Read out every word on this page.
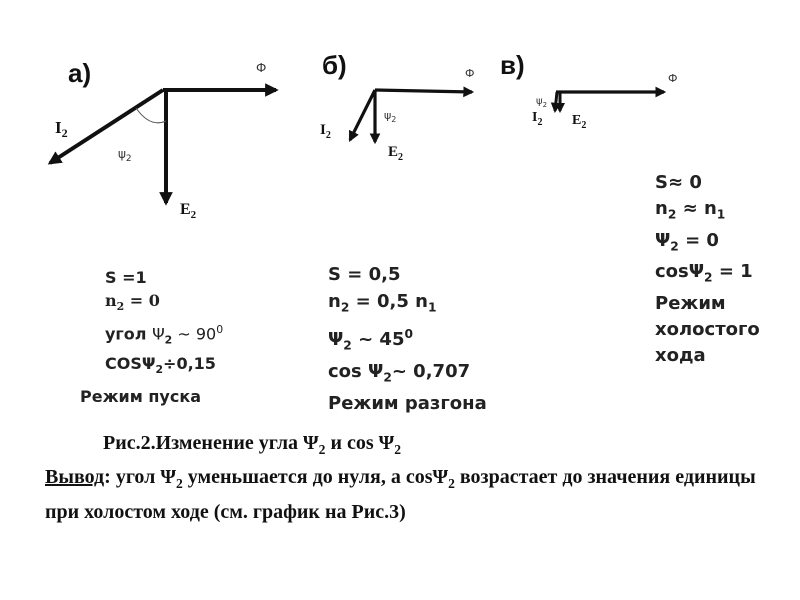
Ф
$I_2$
$E_2$
$\psi_2$
Ф
$I_2$
$E_2$
$\psi_2$
Ф
$I_2$ $E_2$
$\psi_2$
а)	б)	в)
S =1
$n_2 = 0$
угол $\Psi_2$ ~ $90^0$
$COS\Psi_2\div 0,15$
Режим пуска
S = 0,5
$n_2 = 0,5$ $n_1$
$\Psi_2$ ~ $45^0$
$\cos \Psi_2\sim$ 0,707
Режим разгона
S≈ 0
$n_2 \approx n_1$
$\Psi_2 = 0$
cosΨ$_2$ = 1
Режим
холостого
хода
Рис.2.Изменение угла $\Psi_2$ и $\cos \Psi_2$
Вывод: угол $\Psi_2$ уменьшается до нуля, а cosΨ$_2$ возрастает до значения единицы при холостом ходе (см. график на Рис.3)
